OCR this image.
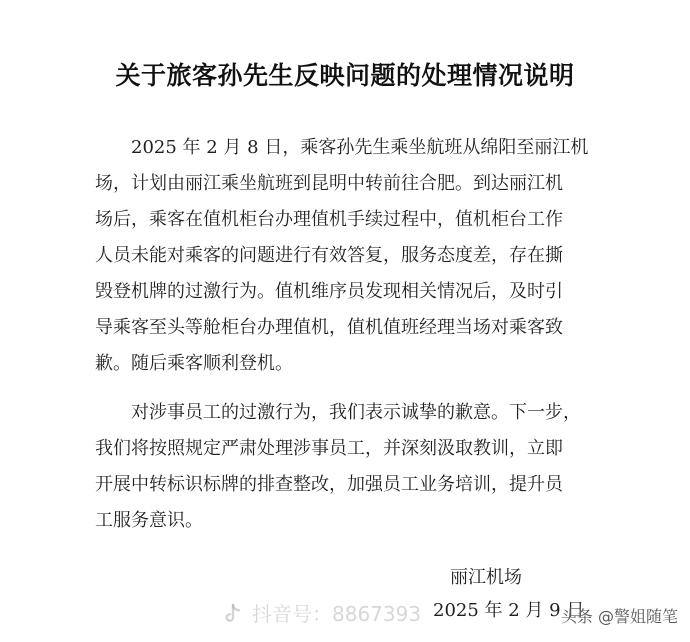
关于旅客孙先生反映问题的处理情况说明
　　2025 年 2 月 8 日，乘客孙先生乘坐航班从绵阳至丽江机
场，计划由丽江乘坐航班到昆明中转前往合肥。到达丽江机
场后，乘客在值机柜台办理值机手续过程中，值机柜台工作
人员未能对乘客的问题进行有效答复，服务态度差，存在撕
毁登机牌的过激行为。值机维序员发现相关情况后，及时引
导乘客至头等舱柜台办理值机，值机值班经理当场对乘客致
歉。随后乘客顺利登机。
　　对涉事员工的过激行为，我们表示诚挚的歉意。下一步，
我们将按照规定严肃处理涉事员工，并深刻汲取教训，立即
开展中转标识标牌的排查整改，加强员工业务培训，提升员
工服务意识。
丽江机场
2025 年 2 月 9 日
抖音号：8867393	头条 @警姐随笔
